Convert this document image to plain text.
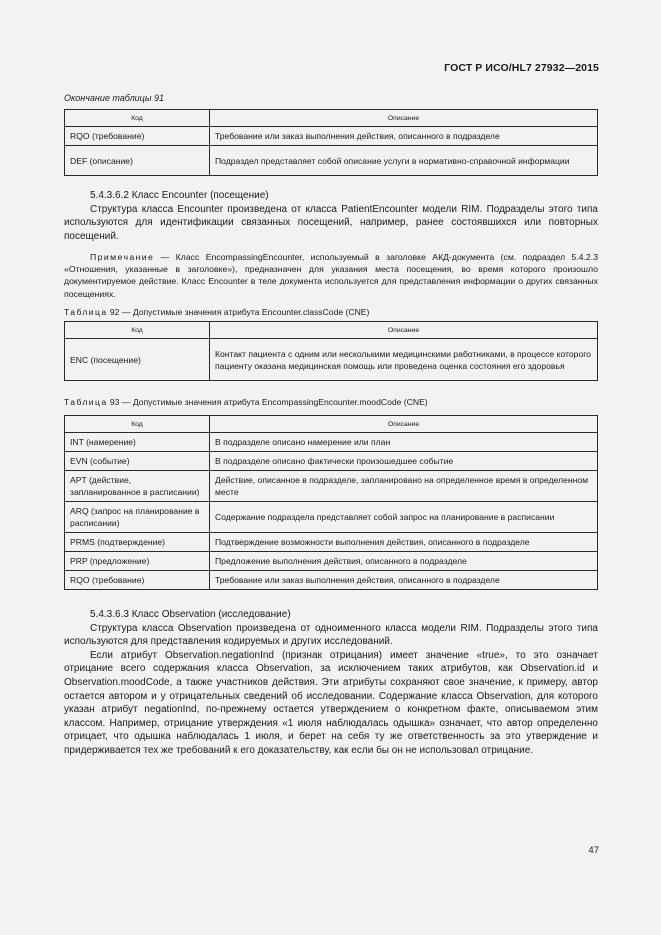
ГОСТ Р ИСО/HL7 27932—2015
Окончание таблицы 91
Код	Описание
RQO (требование)	Требование или заказ выполнения действия, описанного в подразделе
DEF (описание)	Подраздел представляет собой описание услуги в нормативно-справочной информации

5.4.3.6.2 Класс Encounter (посещение)

Структура класса Encounter произведена от класса PatientEncounter модели RIM. Подразделы этого типа используются для идентификации связанных посещений, например, ранее состоявшихся или повторных посещений.

Примечание — Класс EncompassingEncounter, используемый в заголовке АКД-документа (см. подраздел 5.4.2.3 «Отношения, указанные в заголовке»), предназначен для указания места посещения, во время которого произошло документируемое действие. Класс Encounter в теле документа используется для представления информации о других связанных посещениях.
Таблица 92 — Допустимые значения атрибута Encounter.classCode (CNE)
Код	Описание
ENC (посещение)	Контакт пациента с одним или несколькими медицинскими работниками, в процессе которого пациенту оказана медицинская помощь или проведена оценка состояния его здоровья
Таблица 93 — Допустимые значения атрибута EncompassingEncounter.moodCode (CNE)
Код	Описание
INT (намерение)	В подразделе описано намерение или план
EVN (событие)	В подразделе описано фактически произошедшее событие
APT (действие, запланированное в расписании)	Действие, описанное в подразделе, запланировано на определенное время в определенном месте
ARQ (запрос на планирование в расписании)	Содержание подраздела представляет собой запрос на планирование в расписании
PRMS (подтверждение)	Подтверждение возможности выполнения действия, описанного в подразделе
PRP (предложение)	Предложение выполнения действия, описанного в подразделе
RQO (требование)	Требование или заказ выполнения действия, описанного в подразделе

5.4.3.6.3 Класс Observation (исследование)

Структура класса Observation произведена от одноименного класса модели RIM. Подразделы этого типа используются для представления кодируемых и других исследований.

Если атрибут Observation.negationInd (признак отрицания) имеет значение «true», то это означает отрицание всего содержания класса Observation, за исключением таких атрибутов, как Observation.id и Observation.moodCode, а также участников действия. Эти атрибуты сохраняют свое значение, к примеру, автор остается автором и у отрицательных сведений об исследовании. Содержание класса Observation, для которого указан атрибут negationInd, по-прежнему остается утверждением о конкретном факте, описываемом этим классом. Например, отрицание утверждения «1 июля наблюдалась одышка» означает, что автор определенно отрицает, что одышка наблюдалась 1 июля, и берет на себя ту же ответственность за это утверждение и придерживается тех же требований к его доказательству, как если бы он не использовал отрицание.

47
